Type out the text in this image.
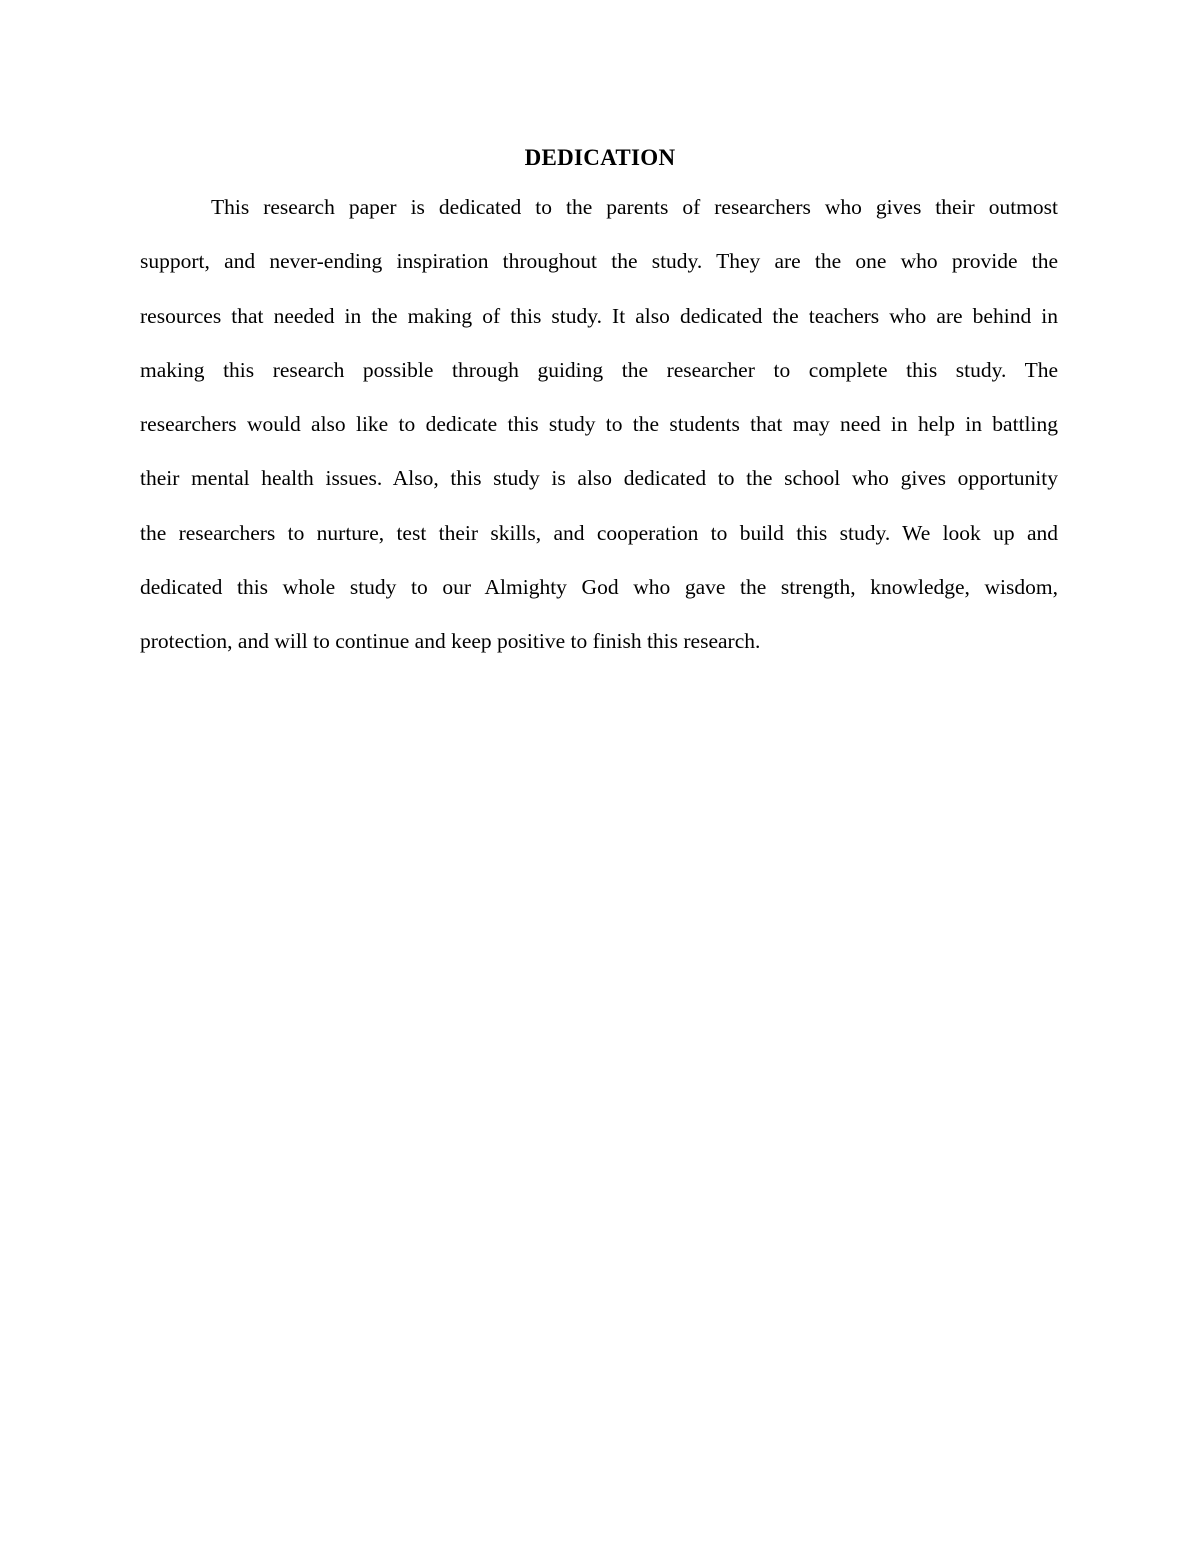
DEDICATION
This research paper is dedicated to the parents of researchers who gives their outmost
support, and never-ending inspiration throughout the study. They are the one who provide the
resources that needed in the making of this study. It also dedicated the teachers who are behind in
making this research possible through guiding the researcher to complete this study. The
researchers would also like to dedicate this study to the students that may need in help in battling
their mental health issues. Also, this study is also dedicated to the school who gives opportunity
the researchers to nurture, test their skills, and cooperation to build this study. We look up and
dedicated this whole study to our Almighty God who gave the strength, knowledge, wisdom,
protection, and will to continue and keep positive to finish this research.
